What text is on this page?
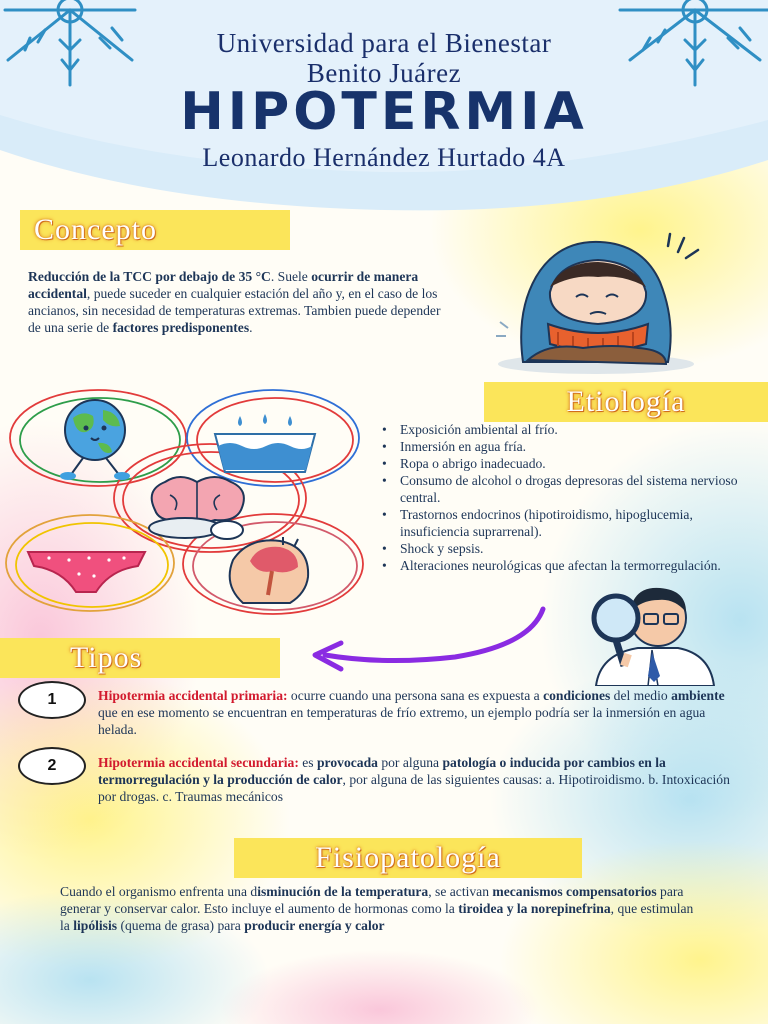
Universidad para el Bienestar
Benito Juárez
HIPOTERMIA
Leonardo Hernández Hurtado 4A
Concepto
Reducción de la TCC por debajo de 35 °C. Suele ocurrir de manera accidental, puede suceder en cualquier estación del año y, en el caso de los ancianos, sin necesidad de temperaturas extremas. Tambien puede depender de una serie de factores predisponentes.
Etiología
• Exposición ambiental al frío.
• Inmersión en agua fría.
• Ropa o abrigo inadecuado.
• Consumo de alcohol o drogas depresoras del sistema nervioso central.
• Trastornos endocrinos (hipotiroidismo, hipoglucemia, insuficiencia suprarrenal).
• Shock y sepsis.
• Alteraciones neurológicas que afectan la termorregulación.
Tipos
1	Hipotermia accidental primaria: ocurre cuando una persona sana es expuesta a condiciones del medio ambiente que en ese momento se encuentran en temperaturas de frío extremo, un ejemplo podría ser la inmersión en agua helada.
2	Hipotermia accidental secundaria: es provocada por alguna patología o inducida por cambios en la termorregulación y la producción de calor, por alguna de las siguientes causas: a. Hipotiroidismo. b. Intoxicación por drogas. c. Traumas mecánicos
Fisiopatología
Cuando el organismo enfrenta una disminución de la temperatura, se activan mecanismos compensatorios para generar y conservar calor. Esto incluye el aumento de hormonas como la tiroidea y la norepinefrina, que estimulan la lipólisis (quema de grasa) para producir energía y calor
